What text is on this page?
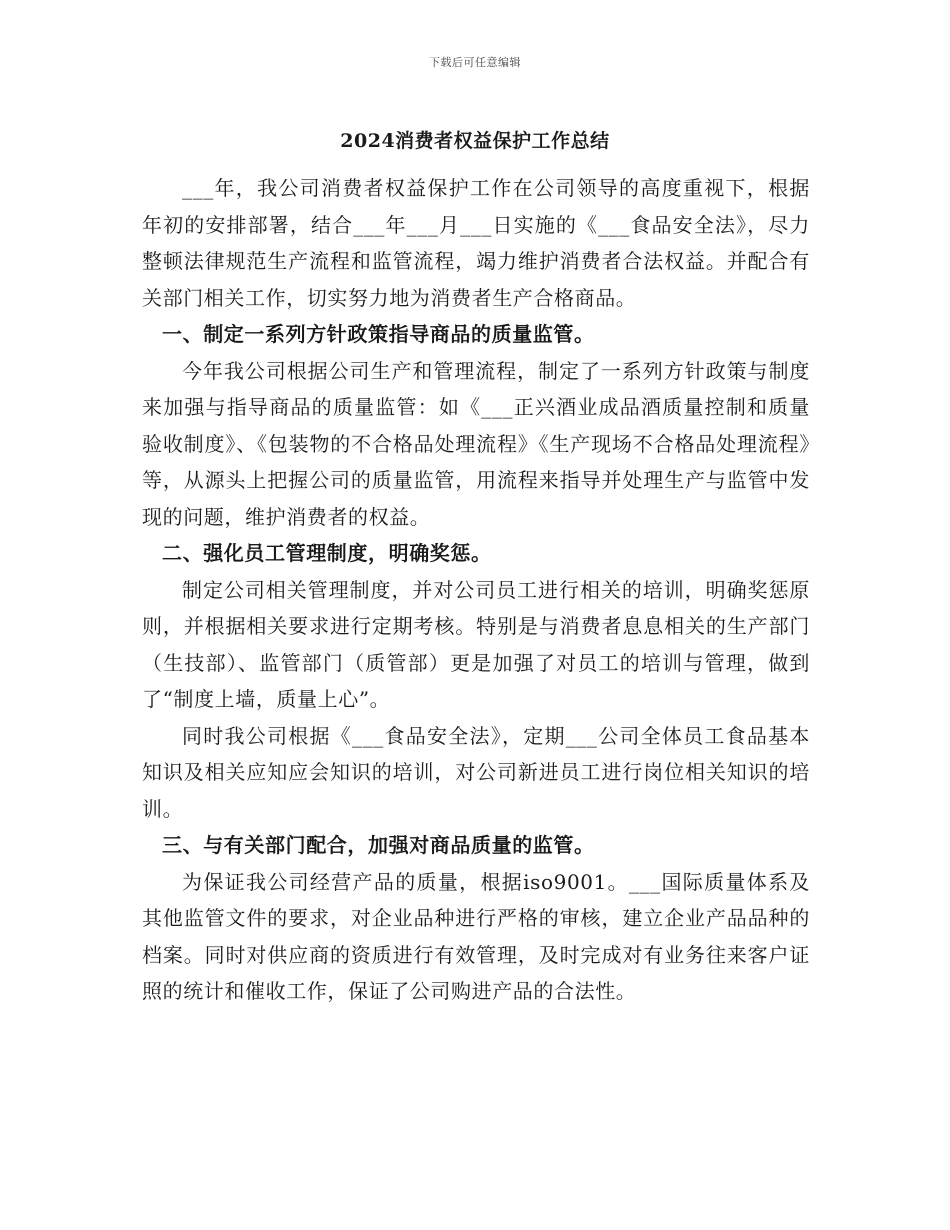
下载后可任意编辑
2024消费者权益保护工作总结

___年，我公司消费者权益保护工作在公司领导的高度重视下，根据年初的安排部署，结合___年___月___日实施的《___食品安全法》，尽力整顿法律规范生产流程和监管流程，竭力维护消费者合法权益。并配合有关部门相关工作，切实努力地为消费者生产合格商品。

一、制定一系列方针政策指导商品的质量监管。

今年我公司根据公司生产和管理流程，制定了一系列方针政策与制度来加强与指导商品的质量监管：如《___正兴酒业成品酒质量控制和质量验收制度》、《包装物的不合格品处理流程》《生产现场不合格品处理流程》等，从源头上把握公司的质量监管，用流程来指导并处理生产与监管中发现的问题，维护消费者的权益。

二、强化员工管理制度，明确奖惩。

制定公司相关管理制度，并对公司员工进行相关的培训，明确奖惩原则，并根据相关要求进行定期考核。特别是与消费者息息相关的生产部门（生技部）、监管部门（质管部）更是加强了对员工的培训与管理，做到了“制度上墙，质量上心”。

同时我公司根据《___食品安全法》，定期___公司全体员工食品基本知识及相关应知应会知识的培训，对公司新进员工进行岗位相关知识的培训。

三、与有关部门配合，加强对商品质量的监管。

为保证我公司经营产品的质量，根据iso9001。___国际质量体系及其他监管文件的要求，对企业品种进行严格的审核，建立企业产品品种的档案。同时对供应商的资质进行有效管理，及时完成对有业务往来客户证照的统计和催收工作，保证了公司购进产品的合法性。
